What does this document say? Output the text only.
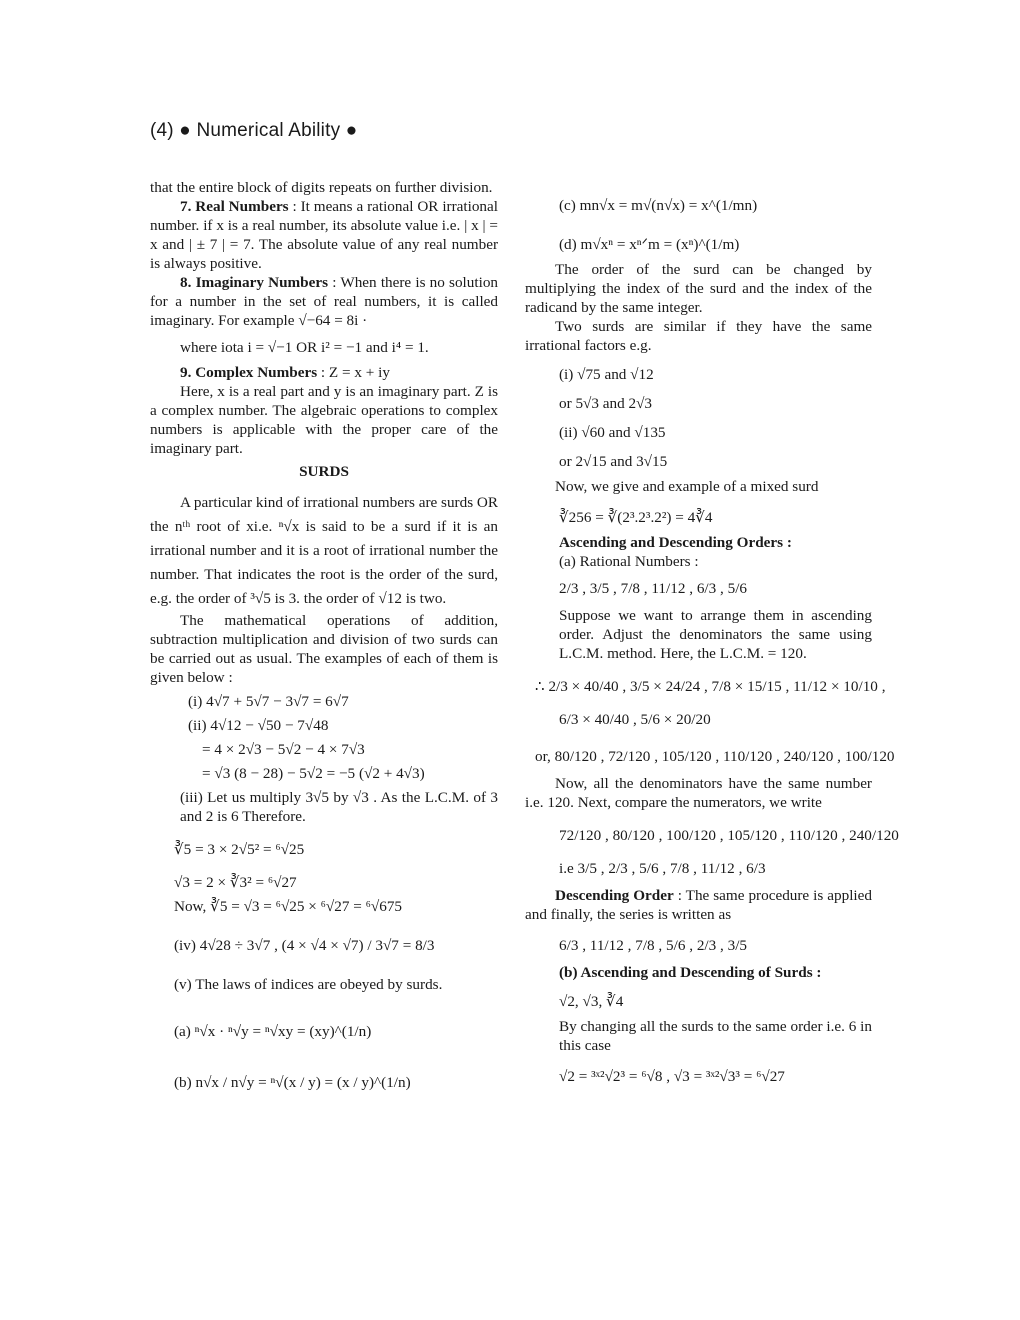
(4) ● Numerical Ability ●

that the entire block of digits repeats on further division.

7. Real Numbers : It means a rational OR irrational number. if x is a real number, its absolute value i.e. | x | = x and | ± 7 | = 7. The absolute value of any real number is always positive.

8. Imaginary Numbers : When there is no solution for a number in the set of real numbers, it is called imaginary. For example √−64 = 8i ·

where iota i = √−1 OR i² = −1 and i⁴ = 1.

9. Complex Numbers : Z = x + iy

Here, x is a real part and y is an imaginary part. Z is a complex number. The algebraic operations to complex numbers is applicable with the proper care of the imaginary part.

SURDS

A particular kind of irrational numbers are surds OR the nᵗʰ root of xi.e. ⁿ√x is said to be a surd if it is an irrational number and it is a root of irrational number the number. That indicates the root is the order of the surd, e.g. the order of ³√5 is 3. the order of √12 is two.

The mathematical operations of addition, subtraction multiplication and division of two surds can be carried out as usual. The examples of each of them is given below :

(i) 4√7 + 5√7 − 3√7 = 6√7

(ii) 4√12 − √50 − 7√48

= 4 × 2√3 − 5√2 − 4 × 7√3

= √3 (8 − 28) − 5√2 = −5 (√2 + 4√3)

(iii) Let us multiply 3√5 by √3 . As the L.C.M. of 3 and 2 is 6 Therefore.

∛5 = 3 × 2√5² = ⁶√25

√3 = 2 × ∛3² = ⁶√27

Now, ∛5 = √3 = ⁶√25 × ⁶√27 = ⁶√675

(iv) 4√28 ÷ 3√7 , (4 × √4 × √7) / 3√7 = 8/3

(v) The laws of indices are obeyed by surds.

(a) ⁿ√x · ⁿ√y = ⁿ√xy = (xy)^(1/n)

(b) n√x / n√y = ⁿ√(x / y) = (x / y)^(1/n)

(c) mn√x = m√(n√x) = x^(1/mn)

(d) m√xⁿ = xⁿᐟm = (xⁿ)^(1/m)

The order of the surd can be changed by multiplying the index of the surd and the index of the radicand by the same integer.

Two surds are similar if they have the same irrational factors e.g.

(i) √75 and √12

or 5√3 and 2√3

(ii) √60 and √135

or 2√15 and 3√15

Now, we give and example of a mixed surd

∛256 = ∛(2³.2³.2²) = 4∛4

Ascending and Descending Orders :

(a) Rational Numbers :

2/3 , 3/5 , 7/8 , 11/12 , 6/3 , 5/6

Suppose we want to arrange them in ascending order. Adjust the denominators the same using L.C.M. method. Here, the L.C.M. = 120.

∴ 2/3 × 40/40 , 3/5 × 24/24 , 7/8 × 15/15 , 11/12 × 10/10 ,

6/3 × 40/40 , 5/6 × 20/20

or, 80/120 , 72/120 , 105/120 , 110/120 , 240/120 , 100/120

Now, all the denominators have the same number i.e. 120. Next, compare the numerators, we write

72/120 , 80/120 , 100/120 , 105/120 , 110/120 , 240/120

i.e 3/5 , 2/3 , 5/6 , 7/8 , 11/12 , 6/3

Descending Order : The same procedure is applied and finally, the series is written as

6/3 , 11/12 , 7/8 , 5/6 , 2/3 , 3/5

(b) Ascending and Descending of Surds :

√2, √3, ∛4

By changing all the surds to the same order i.e. 6 in this case

√2 = ³ˣ²√2³ = ⁶√8 , √3 = ³ˣ²√3³ = ⁶√27
